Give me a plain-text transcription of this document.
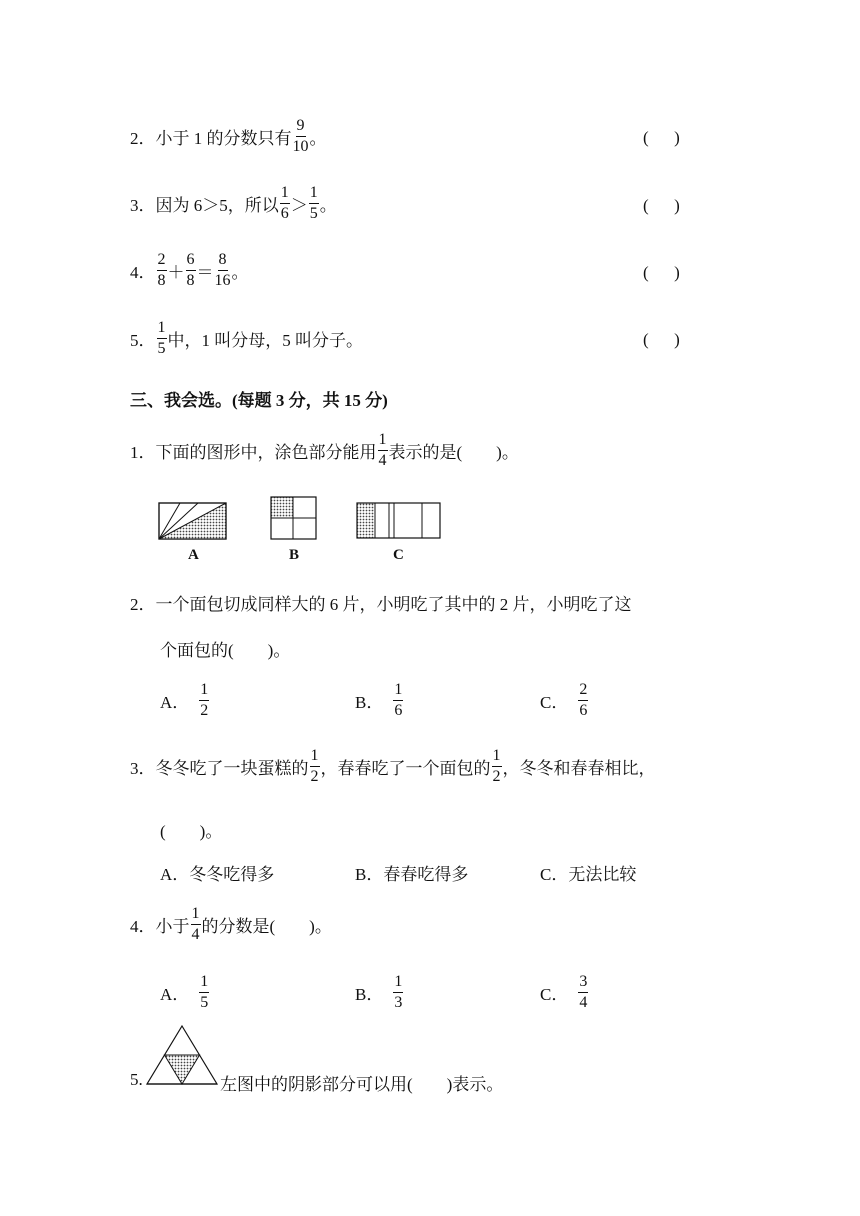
2． 小于 1 的分数只有 $\frac{9}{10}$ 。	(      )
3． 因为 6＞5，所以 $\frac{1}{6} > \frac{1}{5}$ 。	(      )
4． $\frac{2}{8} + \frac{6}{8} = \frac{8}{16}$ 。	(      )
5． $\frac{1}{5}$ 中，1 叫分母，5 叫分子。	(      )
三、我会选。(每题 3 分，共 15 分)
1． 下面的图形中，涂色部分能用 $\frac{1}{4}$ 表示的是(　　)。
A	B	C
2． 一个面包切成同样大的 6 片，小明吃了其中的 2 片，小明吃了这
个面包的(　　)。
A． $\frac{1}{2}$	B． $\frac{1}{6}$	C． $\frac{2}{6}$
3． 冬冬吃了一块蛋糕的 $\frac{1}{2}$ ，春春吃了一个面包的 $\frac{1}{2}$ ，冬冬和春春相比，
(　　)。
A．冬冬吃得多	B．春春吃得多	C．无法比较
4． 小于 $\frac{1}{4}$ 的分数是(　　)。
A． $\frac{1}{5}$	B． $\frac{1}{3}$	C． $\frac{3}{4}$
5.	左图中的阴影部分可以用(　　)表示。
